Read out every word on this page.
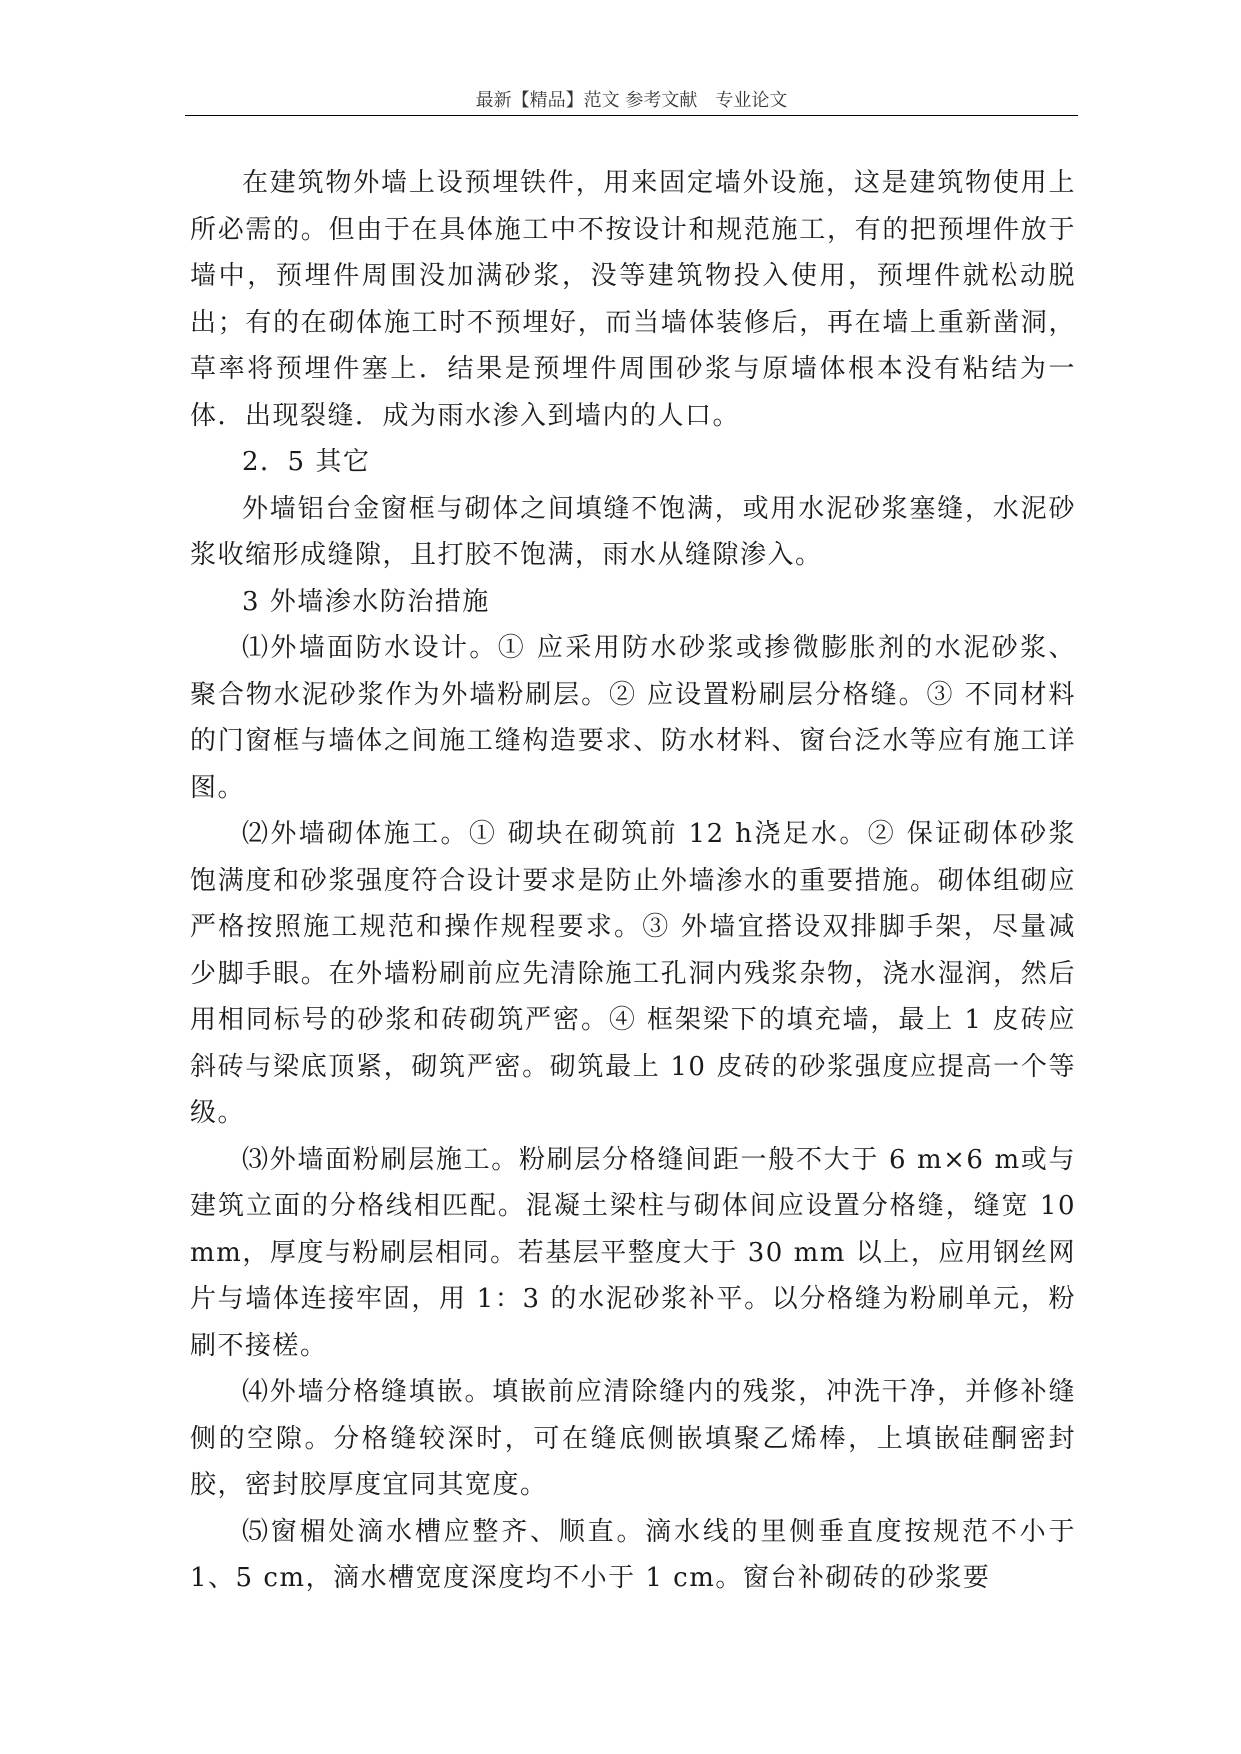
最新【精品】范文 参考文献　专业论文

在建筑物外墙上设预埋铁件，用来固定墙外设施，这是建筑物使用上所必需的。但由于在具体施工中不按设计和规范施工，有的把预埋件放于墙中，预埋件周围没加满砂浆，没等建筑物投入使用，预埋件就松动脱出；有的在砌体施工时不预埋好，而当墙体装修后，再在墙上重新凿洞，草率将预埋件塞上．结果是预埋件周围砂浆与原墙体根本没有粘结为一体．出现裂缝．成为雨水渗入到墙内的人口。

2．5 其它

外墙铝台金窗框与砌体之间填缝不饱满，或用水泥砂浆塞缝，水泥砂浆收缩形成缝隙，且打胶不饱满，雨水从缝隙渗入。

3 外墙渗水防治措施

⑴外墙面防水设计。① 应采用防水砂浆或掺微膨胀剂的水泥砂浆、聚合物水泥砂浆作为外墙粉刷层。② 应设置粉刷层分格缝。③ 不同材料的门窗框与墙体之间施工缝构造要求、防水材料、窗台泛水等应有施工详图。

⑵外墙砌体施工。① 砌块在砌筑前 12 h浇足水。② 保证砌体砂浆饱满度和砂浆强度符合设计要求是防止外墙渗水的重要措施。砌体组砌应严格按照施工规范和操作规程要求。③ 外墙宜搭设双排脚手架，尽量减少脚手眼。在外墙粉刷前应先清除施工孔洞内残浆杂物，浇水湿润，然后用相同标号的砂浆和砖砌筑严密。④ 框架梁下的填充墙，最上 1 皮砖应斜砖与梁底顶紧，砌筑严密。砌筑最上 10 皮砖的砂浆强度应提高一个等级。

⑶外墙面粉刷层施工。粉刷层分格缝间距一般不大于 6 m×6 m或与建筑立面的分格线相匹配。混凝土梁柱与砌体间应设置分格缝，缝宽 10 mm，厚度与粉刷层相同。若基层平整度大于 30 mm 以上，应用钢丝网片与墙体连接牢固，用 1：3 的水泥砂浆补平。以分格缝为粉刷单元，粉刷不接槎。

⑷外墙分格缝填嵌。填嵌前应清除缝内的残浆，冲洗干净，并修补缝侧的空隙。分格缝较深时，可在缝底侧嵌填聚乙烯棒，上填嵌硅酮密封胶，密封胶厚度宜同其宽度。

⑸窗楣处滴水槽应整齐、顺直。滴水线的里侧垂直度按规范不小于 1、5 cm，滴水槽宽度深度均不小于 1 cm。窗台补砌砖的砂浆要
